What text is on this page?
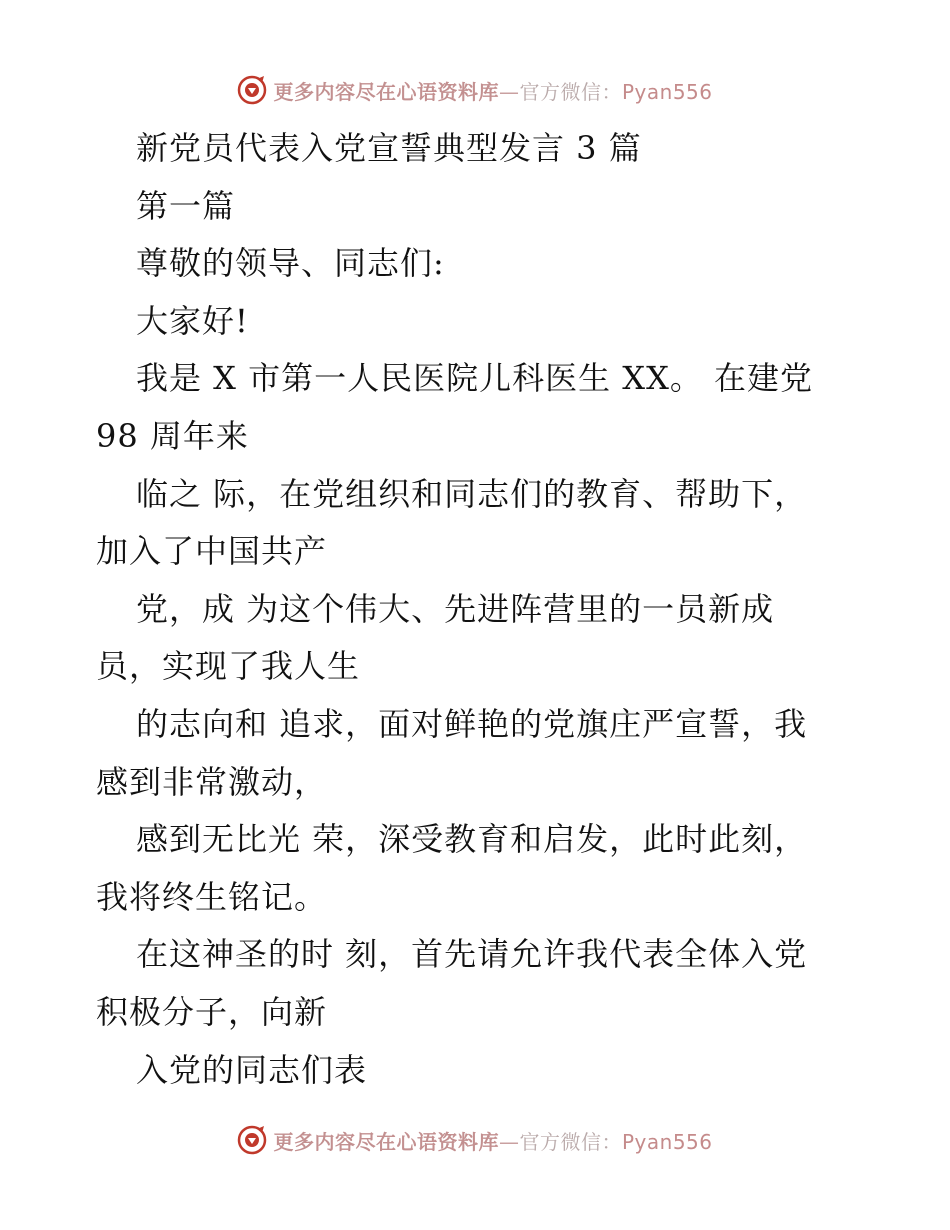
更多内容尽在心语资料库—官方微信：Pyan556
新党员代表入党宣誓典型发言 3 篇
第一篇
尊敬的领导、同志们:
大家好!
我是 X 市第一人民医院儿科医生 XX。 在建党
98 周年来
临之 际，在党组织和同志们的教育、帮助下，
加入了中国共产
党，成 为这个伟大、先进阵营里的一员新成
员，实现了我人生
的志向和 追求，面对鲜艳的党旗庄严宣誓，我
感到非常激动，
感到无比光 荣，深受教育和启发，此时此刻，
我将终生铭记。
在这神圣的时 刻，首先请允许我代表全体入党
积极分子，向新
入党的同志们表
更多内容尽在心语资料库—官方微信：Pyan556
